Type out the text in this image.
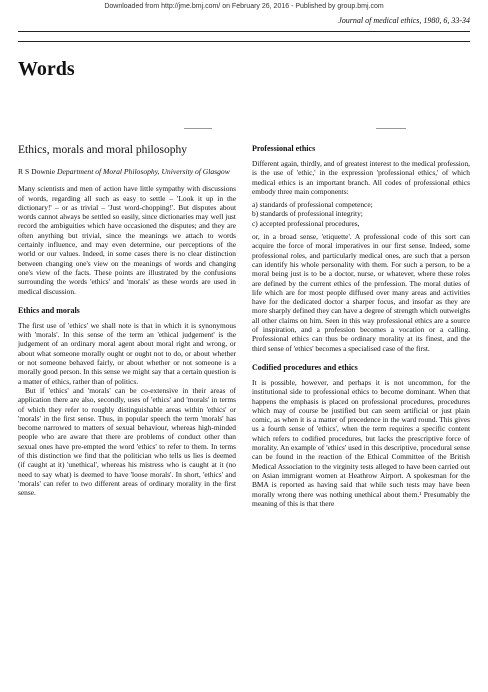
Downloaded from http://jme.bmj.com/ on February 26, 2016 - Published by group.bmj.com
Journal of medical ethics, 1980, 6, 33-34
Words
Ethics, morals and moral philosophy
R S Downie Department of Moral Philosophy, University of Glasgow

Many scientists and men of action have little sympathy with discussions of words, regarding all such as easy to settle – 'Look it up in the dictionary!' – or as trivial – 'Just word-chopping!'. But disputes about words cannot always be settled so easily, since dictionaries may well just record the ambiguities which have occasioned the disputes; and they are often anything but trivial, since the meanings we attach to words certainly influence, and may even determine, our perceptions of the world or our values. Indeed, in some cases there is no clear distinction between changing one's view on the meanings of words and changing one's view of the facts. These points are illustrated by the confusions surrounding the words 'ethics' and 'morals' as these words are used in medical discussion.

Ethics and morals

The first use of 'ethics' we shall note is that in which it is synonymous with 'morals'. In this sense of the term an 'ethical judgement' is the judgement of an ordinary moral agent about moral right and wrong, or about what someone morally ought or ought not to do, or about whether or not someone behaved fairly, or about whether or not someone is a morally good person. In this sense we might say that a certain question is a matter of ethics, rather than of politics.

But if 'ethics' and 'morals' can be co-extensive in their areas of application there are also, secondly, uses of 'ethics' and 'morals' in terms of which they refer to roughly distinguishable areas within 'ethics' or 'morals' in the first sense. Thus, in popular speech the term 'morals' has become narrowed to matters of sexual behaviour, whereas high-minded people who are aware that there are problems of conduct other than sexual ones have pre-empted the word 'ethics' to refer to them. In terms of this distinction we find that the politician who tells us lies is deemed (if caught at it) 'unethical', whereas his mistress who is caught at it (no need to say what) is deemed to have 'loose morals'. In short, 'ethics' and 'morals' can refer to two different areas of ordinary morality in the first sense.

Professional ethics

Different again, thirdly, and of greatest interest to the medical profession, is the use of 'ethic,' in the expression 'professional ethics,' of which medical ethics is an important branch. All codes of professional ethics embody three main components:

a) standards of professional competence;
b) standards of professional integrity;
c) accepted professional procedures,

or, in a broad sense, 'etiquette'. A professional code of this sort can acquire the force of moral imperatives in our first sense. Indeed, some professional roles, and particularly medical ones, are such that a person can identify his whole personality with them. For such a person, to be a moral being just is to be a doctor, nurse, or whatever, where these roles are defined by the current ethics of the profession. The moral duties of life which are for most people diffused over many areas and activities have for the dedicated doctor a sharper focus, and insofar as they are more sharply defined they can have a degree of strength which outweighs all other claims on him. Seen in this way professional ethics are a source of inspiration, and a profession becomes a vocation or a calling. Professional ethics can thus be ordinary morality at its finest, and the third sense of 'ethics' becomes a specialised case of the first.

Codified procedures and ethics

It is possible, however, and perhaps it is not uncommon, for the institutional side to professional ethics to become dominant. When that happens the emphasis is placed on professional procedures, procedures which may of course be justified but can seem artificial or just plain comic, as when it is a matter of precedence in the ward round. This gives us a fourth sense of 'ethics', when the term requires a specific content which refers to codified procedures, but lacks the prescriptive force of morality. An example of 'ethics' used in this descriptive, procedural sense can be found in the reaction of the Ethical Committee of the British Medical Association to the virginity tests alleged to have been carried out on Asian immigrant women at Heathrow Airport. A spokesman for the BMA is reported as having said that while such tests may have been morally wrong there was nothing unethical about them.¹ Presumably the meaning of this is that there
